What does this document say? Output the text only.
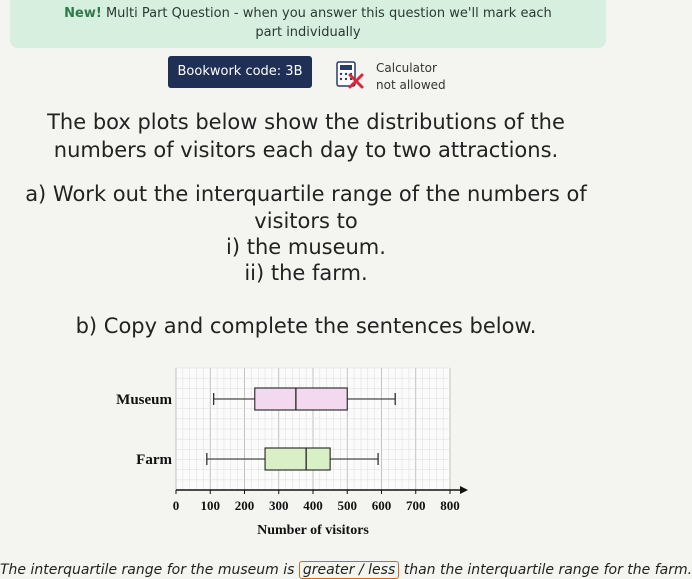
New! Multi Part Question - when you answer this question we'll mark each
part individually
Bookwork code: 3B	Calculator
not allowed
The box plots below show the distributions of the
numbers of visitors each day to two attractions.
a) Work out the interquartile range of the numbers of
visitors to
i) the museum.
ii) the farm.
b) Copy and complete the sentences below.
0 100 200 300 400 500 600 700 800
Number of visitors
Museum
Farm
The interquartile range for the museum is greater / less than the interquartile range for the farm.
